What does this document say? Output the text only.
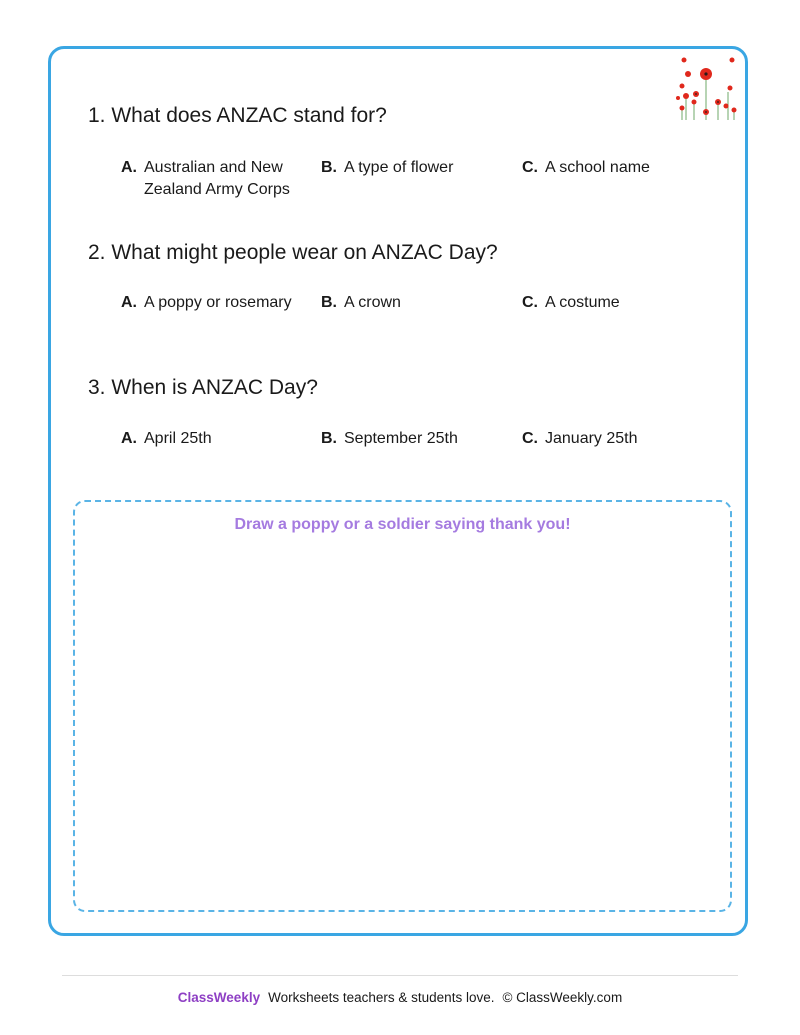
1. What does ANZAC stand for?
A. Australian and New Zealand Army Corps
B. A type of flower	C. A school name
2. What might people wear on ANZAC Day?
A. A poppy or rosemary B. A crown	C. A costume
3. When is ANZAC Day?
A. April 25th	B. September 25th	C. January 25th
Draw a poppy or a soldier saying thank you!
ClassWeekly Worksheets teachers & students love. © ClassWeekly.com
